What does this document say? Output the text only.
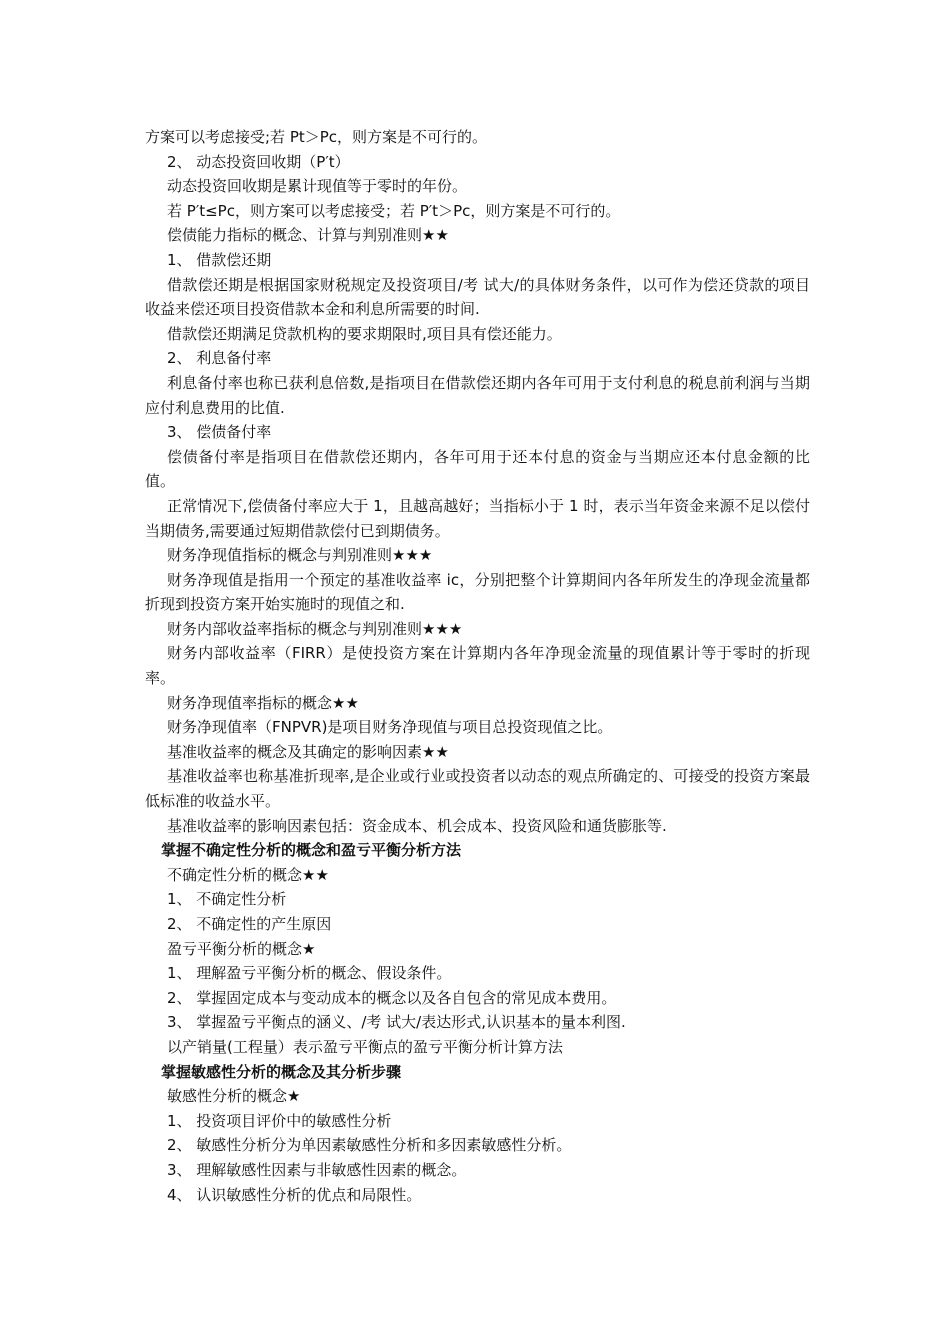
方案可以考虑接受;若 Pt＞Pc，则方案是不可行的。

2、 动态投资回收期（P′t）

动态投资回收期是累计现值等于零时的年份。

若 P′t≤Pc，则方案可以考虑接受；若 P′t＞Pc，则方案是不可行的。

偿债能力指标的概念、计算与判别准则★★

1、 借款偿还期

借款偿还期是根据国家财税规定及投资项目/考 试大/的具体财务条件，以可作为偿还贷款的项目收益来偿还项目投资借款本金和利息所需要的时间.

借款偿还期满足贷款机构的要求期限时,项目具有偿还能力。

2、 利息备付率

利息备付率也称已获利息倍数,是指项目在借款偿还期内各年可用于支付利息的税息前利润与当期应付利息费用的比值.

3、 偿债备付率

偿债备付率是指项目在借款偿还期内，各年可用于还本付息的资金与当期应还本付息金额的比值。

正常情况下,偿债备付率应大于 1，且越高越好；当指标小于 1 时，表示当年资金来源不足以偿付当期债务,需要通过短期借款偿付已到期债务。

财务净现值指标的概念与判别准则★★★

财务净现值是指用一个预定的基准收益率 ic，分别把整个计算期间内各年所发生的净现金流量都折现到投资方案开始实施时的现值之和.

财务内部收益率指标的概念与判别准则★★★

财务内部收益率（FIRR）是使投资方案在计算期内各年净现金流量的现值累计等于零时的折现率。

财务净现值率指标的概念★★

财务净现值率（FNPVR)是项目财务净现值与项目总投资现值之比。

基准收益率的概念及其确定的影响因素★★

基准收益率也称基准折现率,是企业或行业或投资者以动态的观点所确定的、可接受的投资方案最低标准的收益水平。

基准收益率的影响因素包括：资金成本、机会成本、投资风险和通货膨胀等.

掌握不确定性分析的概念和盈亏平衡分析方法

不确定性分析的概念★★

1、 不确定性分析

2、 不确定性的产生原因

盈亏平衡分析的概念★

1、 理解盈亏平衡分析的概念、假设条件。

2、 掌握固定成本与变动成本的概念以及各自包含的常见成本费用。

3、 掌握盈亏平衡点的涵义、/考 试大/表达形式,认识基本的量本利图.

以产销量(工程量）表示盈亏平衡点的盈亏平衡分析计算方法

掌握敏感性分析的概念及其分析步骤

敏感性分析的概念★

1、 投资项目评价中的敏感性分析

2、 敏感性分析分为单因素敏感性分析和多因素敏感性分析。

3、 理解敏感性因素与非敏感性因素的概念。

4、 认识敏感性分析的优点和局限性。
